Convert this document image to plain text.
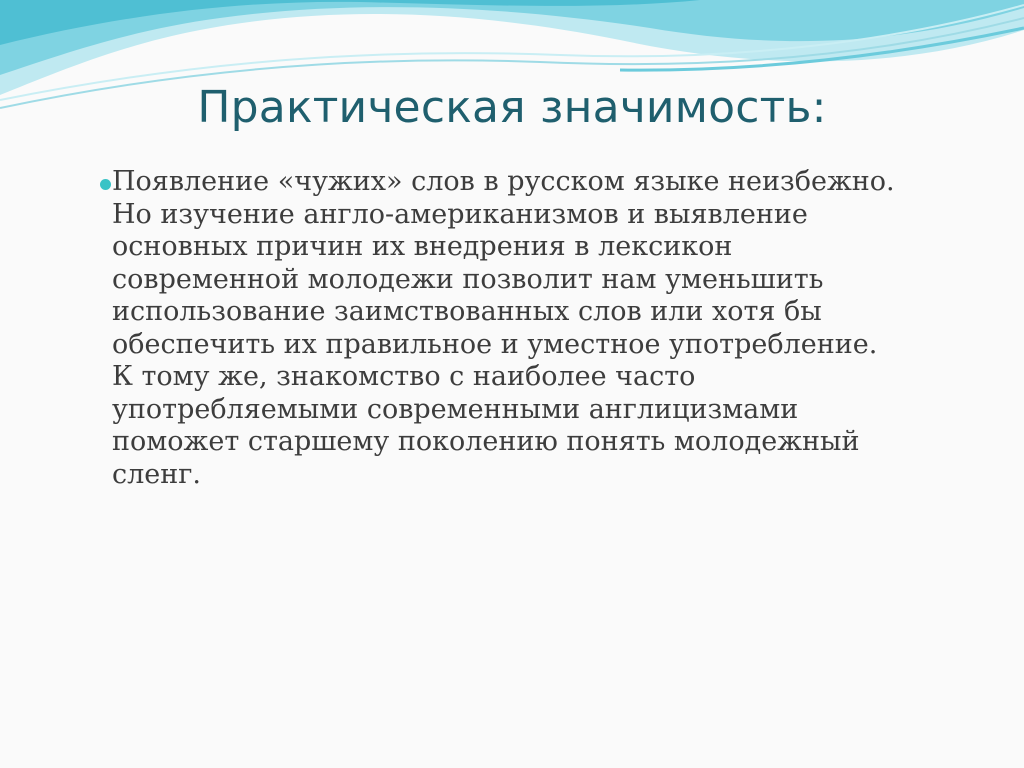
Практическая значимость:
Появление «чужих» слов в русском языке неизбежно.
Но изучение англо-американизмов и выявление
основных причин их внедрения в лексикон
современной молодежи позволит нам уменьшить
использование заимствованных слов или хотя бы
обеспечить их правильное и уместное употребление.
К тому же, знакомство с наиболее часто
употребляемыми современными англицизмами
поможет старшему поколению понять молодежный
сленг.
